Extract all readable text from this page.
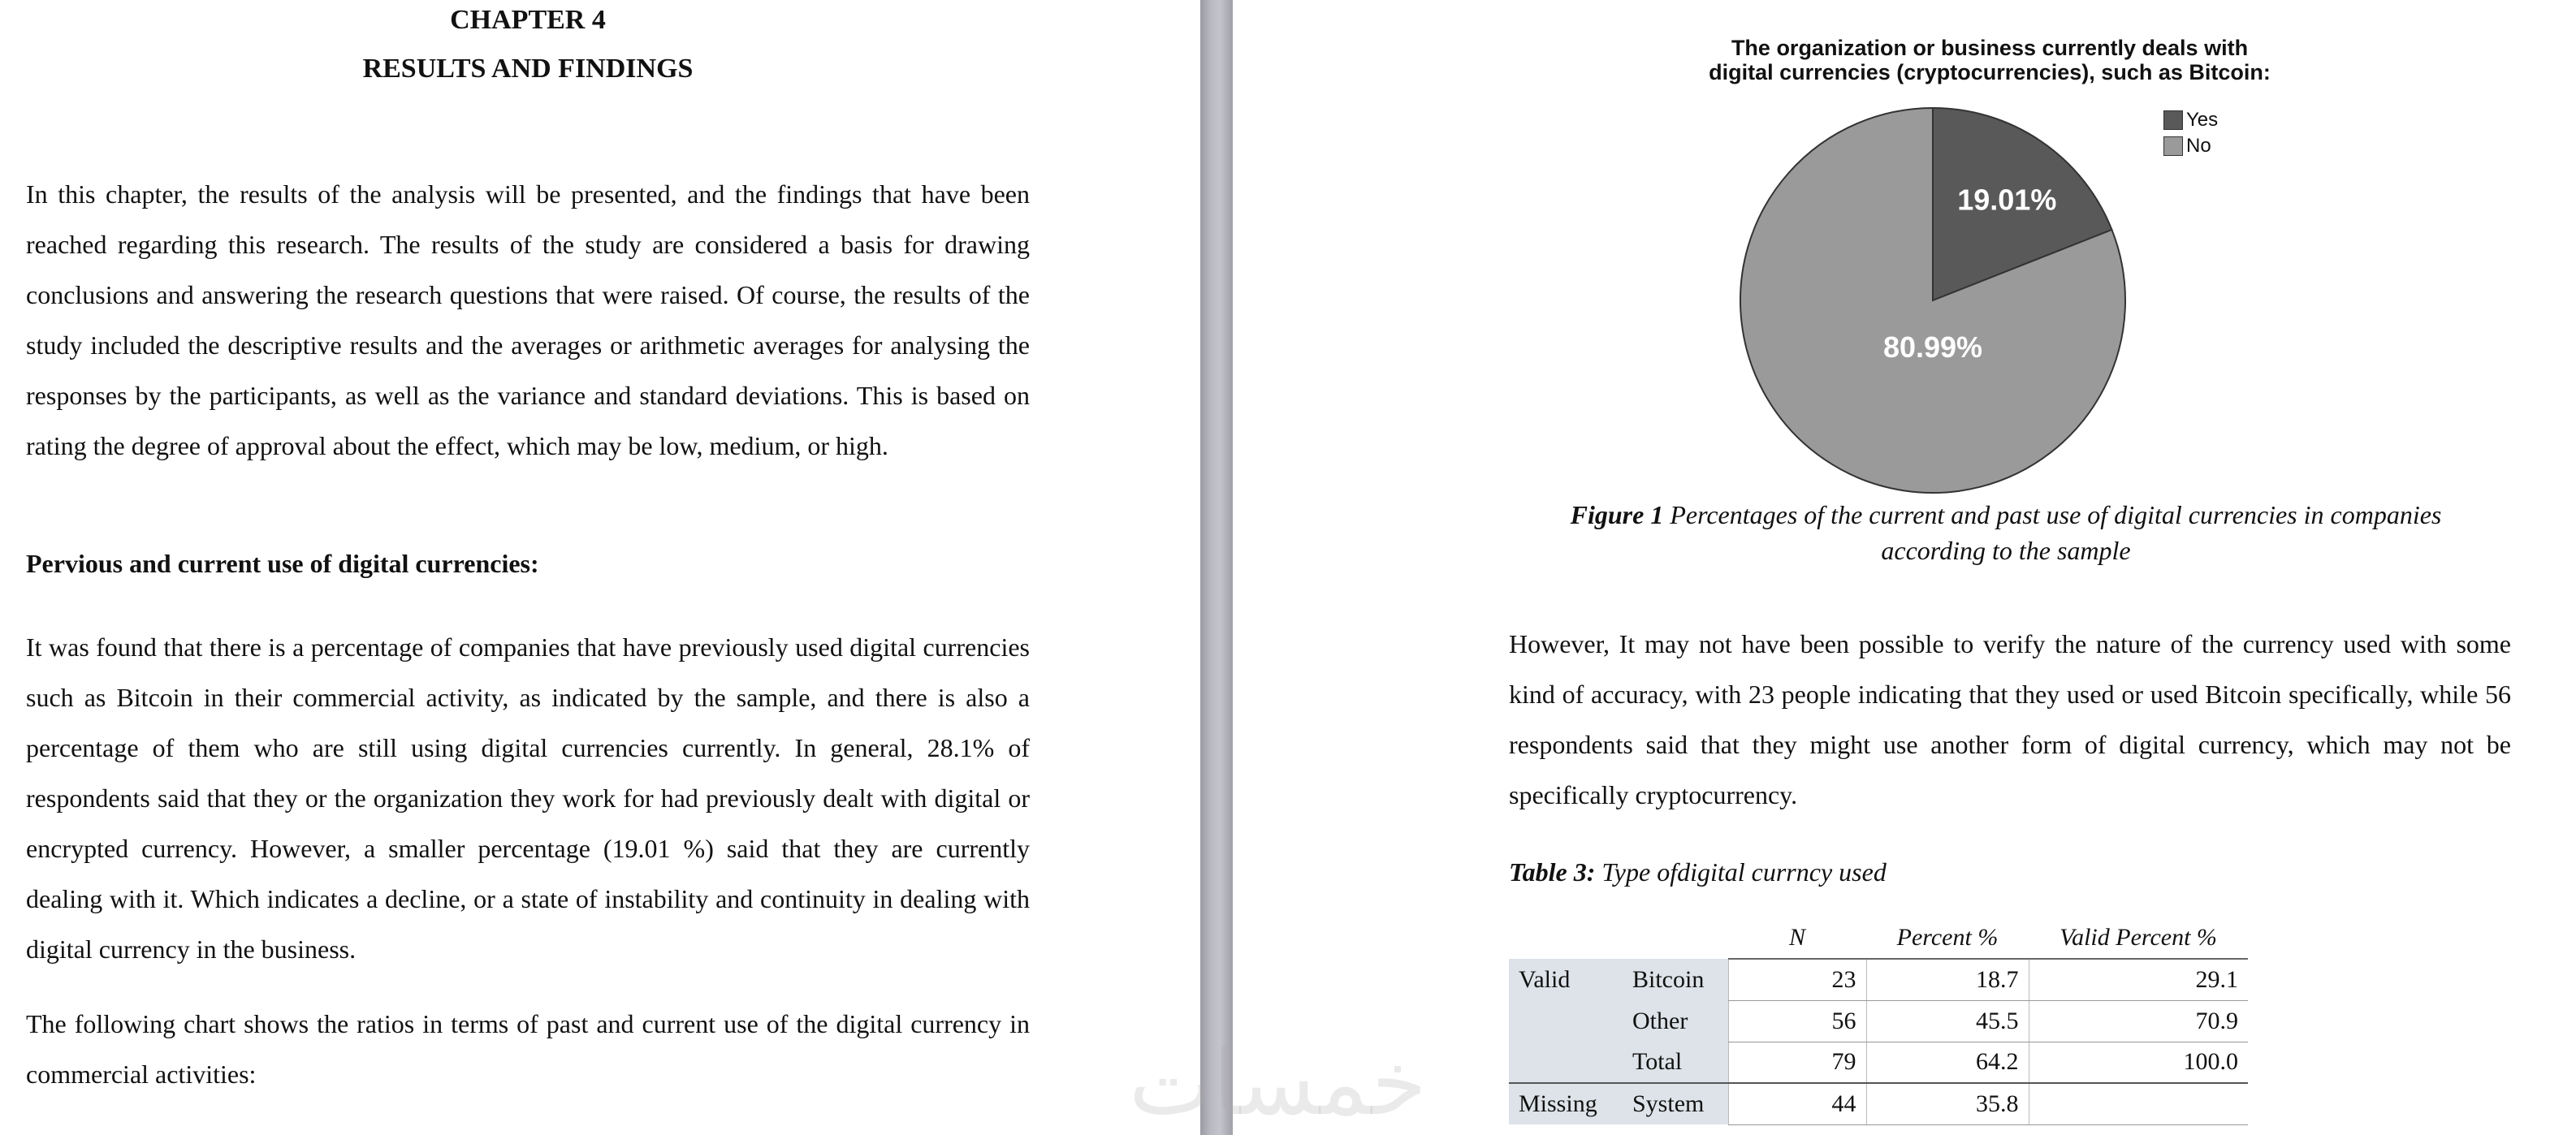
CHAPTER 4
RESULTS AND FINDINGS

In this chapter, the results of the analysis will be presented, and the findings that have been reached regarding this research. The results of the study are considered a basis for drawing conclusions and answering the research questions that were raised. Of course, the results of the study included the descriptive results and the averages or arithmetic averages for analysing the responses by the participants, as well as the variance and standard deviations. This is based on rating the degree of approval about the effect, which may be low, medium, or high.

Pervious and current use of digital currencies:

It was found that there is a percentage of companies that have previously used digital currencies such as Bitcoin in their commercial activity, as indicated by the sample, and there is also a percentage of them who are still using digital currencies currently. In general, 28.1% of respondents said that they or the organization they work for had previously dealt with digital or encrypted currency. However, a smaller percentage (19.01 %) said that they are currently dealing with it. Which indicates a decline, or a state of instability and continuity in dealing with digital currency in the business.

The following chart shows the ratios in terms of past and current use of the digital currency in commercial activities:

The organization or business currently deals with
digital currencies (cryptocurrencies), such as Bitcoin:
19.01%
80.99%
Yes
No
Figure 1 Percentages of the current and past use of digital currencies in companies
according to the sample

However, It may not have been possible to verify the nature of the currency used with some kind of accuracy, with 23 people indicating that they used or used Bitcoin specifically, while 56 respondents said that they might use another form of digital currency, which may not be specifically cryptocurrency.

Table 3: Type ofdigital currncy used
		N	Percent %	Valid Percent %
Valid	Bitcoin	23	18.7	29.1
	Other	56	45.5	70.9
	Total	79	64.2	100.0
Missing	System	44	35.8	
خمسات
